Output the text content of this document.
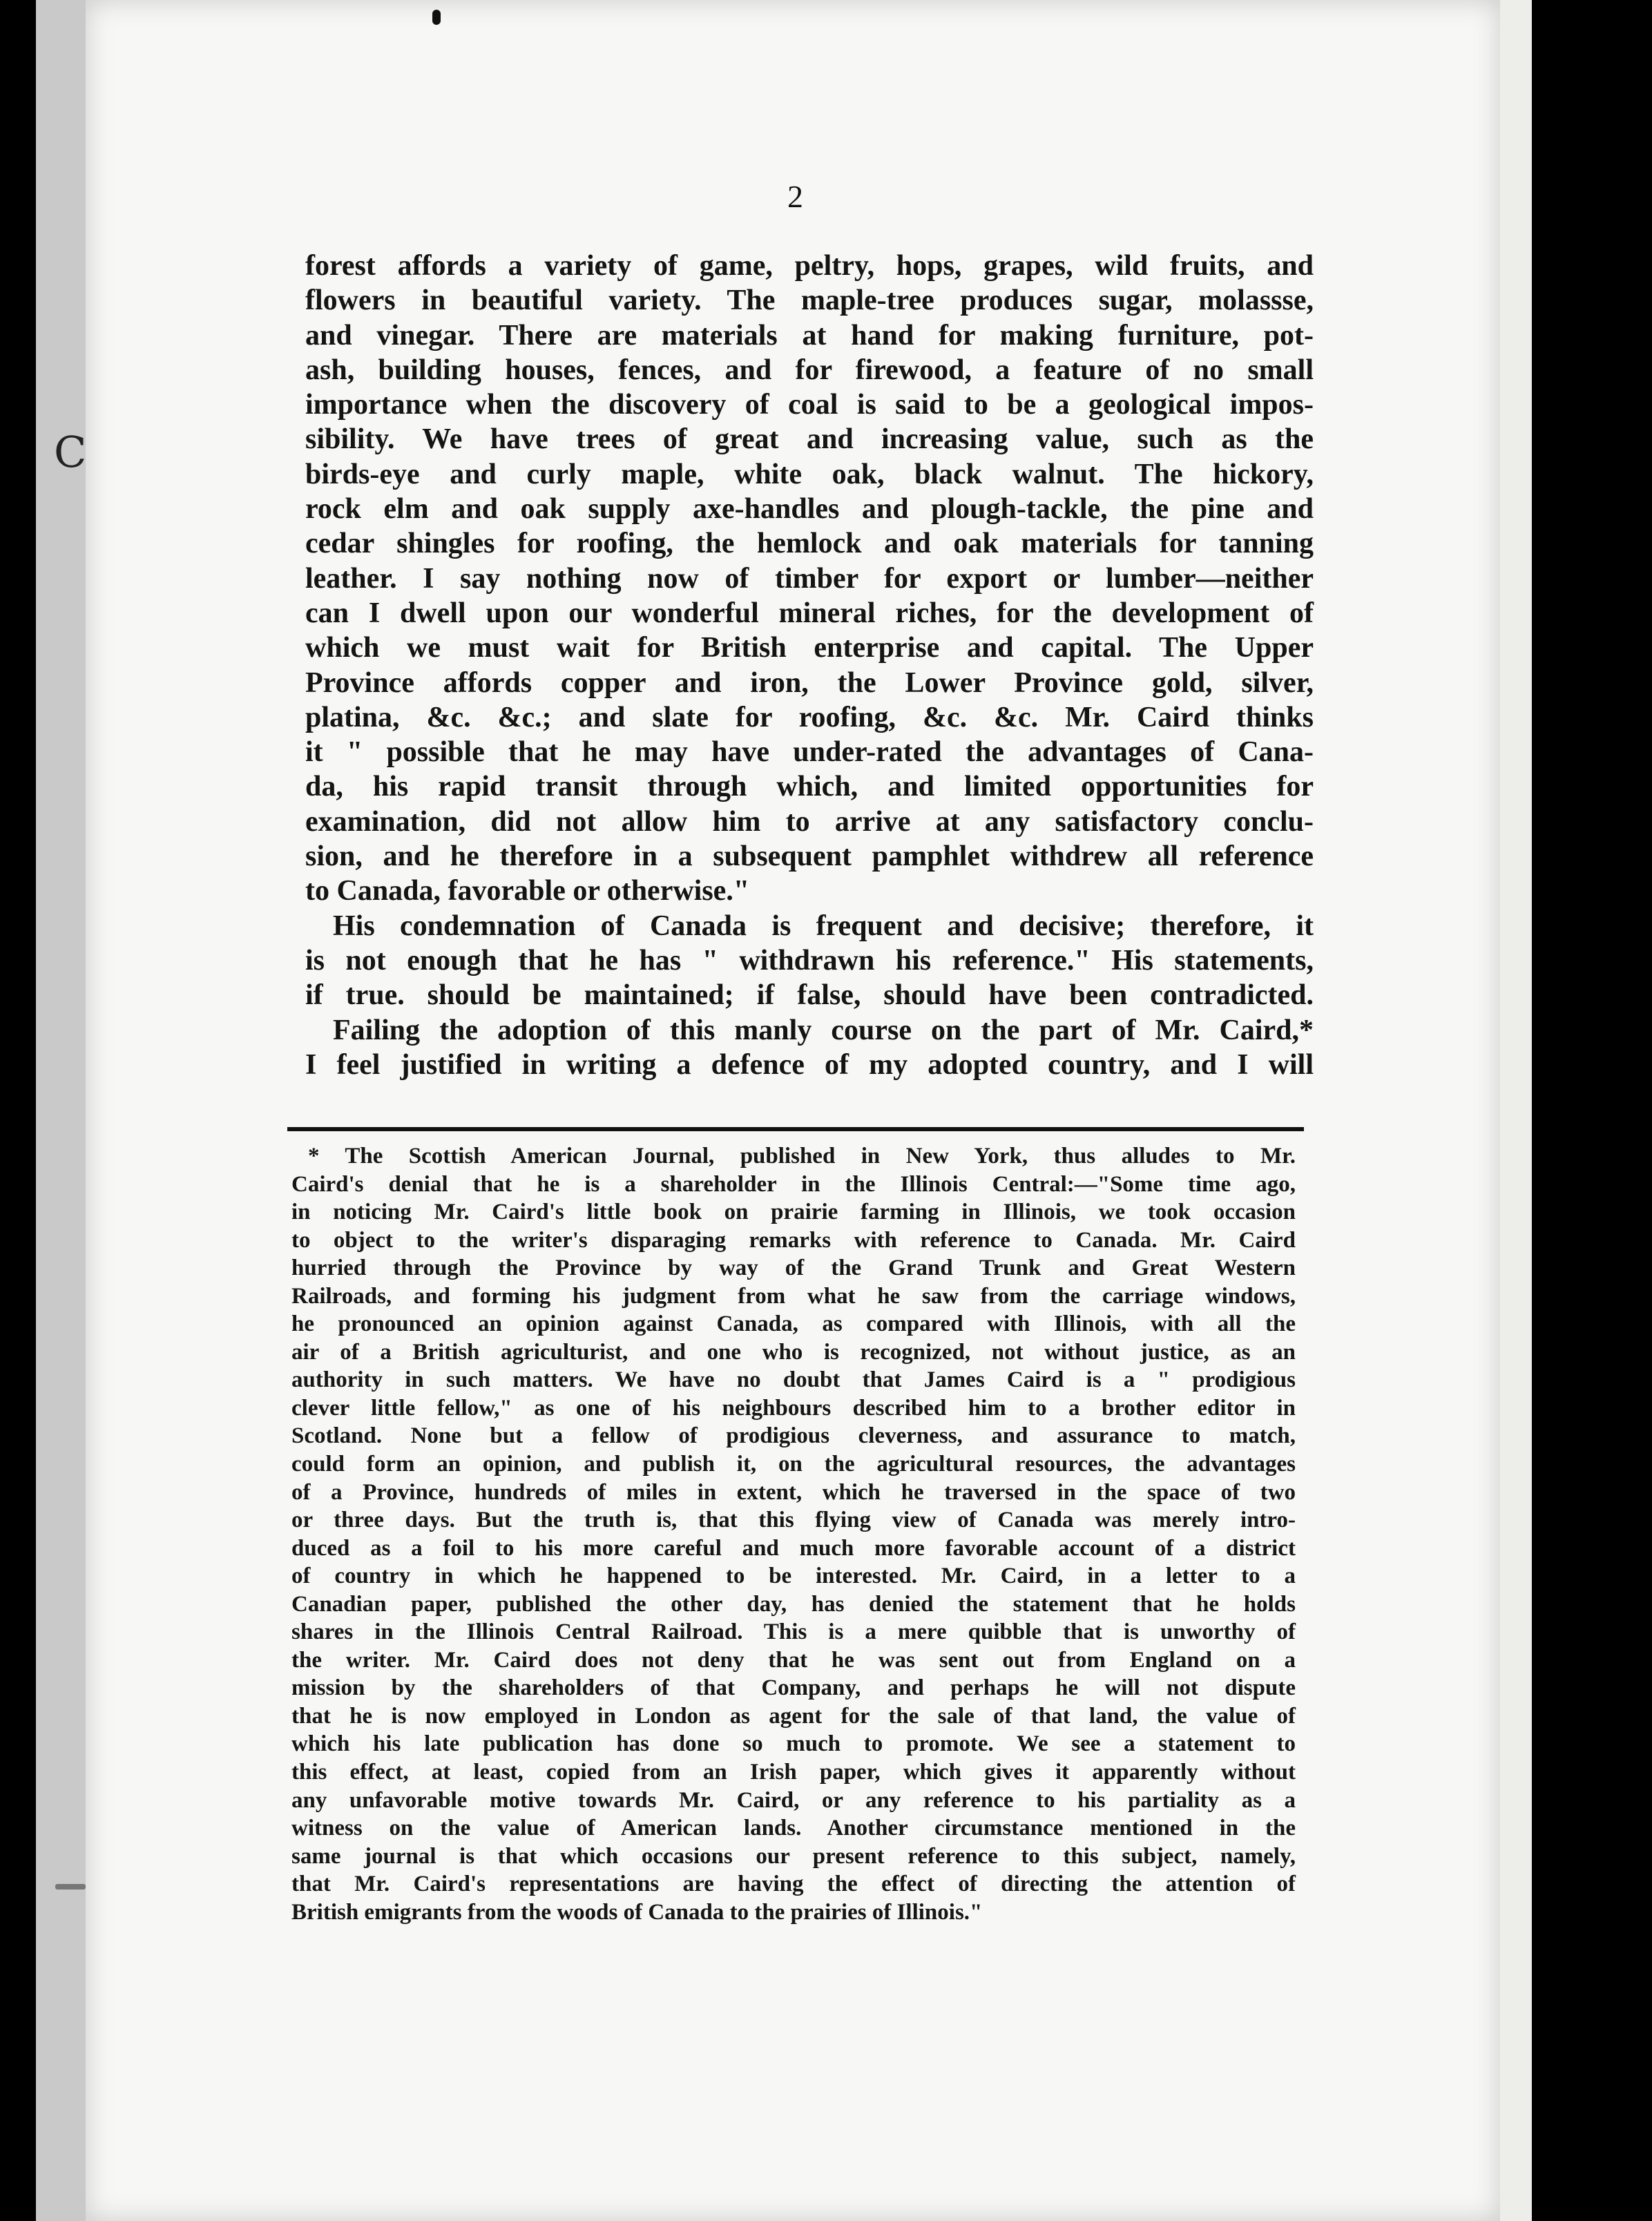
C
2
forest affords a variety of game, peltry, hops, grapes, wild fruits, and
flowers in beautiful variety. The maple-tree produces sugar, molassse,
and vinegar. There are materials at hand for making furniture, pot-
ash, building houses, fences, and for firewood, a feature of no small
importance when the discovery of coal is said to be a geological impos-
sibility. We have trees of great and increasing value, such as the
birds-eye and curly maple, white oak, black walnut. The hickory,
rock elm and oak supply axe-handles and plough-tackle, the pine and
cedar shingles for roofing, the hemlock and oak materials for tanning
leather. I say nothing now of timber for export or lumber—neither
can I dwell upon our wonderful mineral riches, for the development of
which we must wait for British enterprise and capital. The Upper
Province affords copper and iron, the Lower Province gold, silver,
platina, &c. &c.; and slate for roofing, &c. &c. Mr. Caird thinks
it " possible that he may have under-rated the advantages of Cana-
da, his rapid transit through which, and limited opportunities for
examination, did not allow him to arrive at any satisfactory conclu-
sion, and he therefore in a subsequent pamphlet withdrew all reference
to Canada, favorable or otherwise."
His condemnation of Canada is frequent and decisive; therefore, it
is not enough that he has " withdrawn his reference." His statements,
if true. should be maintained; if false, should have been contradicted.
Failing the adoption of this manly course on the part of Mr. Caird,*
I feel justified in writing a defence of my adopted country, and I will
* The Scottish American Journal, published in New York, thus alludes to Mr.
Caird's denial that he is a shareholder in the Illinois Central:—"Some time ago,
in noticing Mr. Caird's little book on prairie farming in Illinois, we took occasion
to object to the writer's disparaging remarks with reference to Canada. Mr. Caird
hurried through the Province by way of the Grand Trunk and Great Western
Railroads, and forming his judgment from what he saw from the carriage windows,
he pronounced an opinion against Canada, as compared with Illinois, with all the
air of a British agriculturist, and one who is recognized, not without justice, as an
authority in such matters. We have no doubt that James Caird is a " prodigious
clever little fellow," as one of his neighbours described him to a brother editor in
Scotland. None but a fellow of prodigious cleverness, and assurance to match,
could form an opinion, and publish it, on the agricultural resources, the advantages
of a Province, hundreds of miles in extent, which he traversed in the space of two
or three days. But the truth is, that this flying view of Canada was merely intro-
duced as a foil to his more careful and much more favorable account of a district
of country in which he happened to be interested. Mr. Caird, in a letter to a
Canadian paper, published the other day, has denied the statement that he holds
shares in the Illinois Central Railroad. This is a mere quibble that is unworthy of
the writer. Mr. Caird does not deny that he was sent out from England on a
mission by the shareholders of that Company, and perhaps he will not dispute
that he is now employed in London as agent for the sale of that land, the value of
which his late publication has done so much to promote. We see a statement to
this effect, at least, copied from an Irish paper, which gives it apparently without
any unfavorable motive towards Mr. Caird, or any reference to his partiality as a
witness on the value of American lands. Another circumstance mentioned in the
same journal is that which occasions our present reference to this subject, namely,
that Mr. Caird's representations are having the effect of directing the attention of
British emigrants from the woods of Canada to the prairies of Illinois."
